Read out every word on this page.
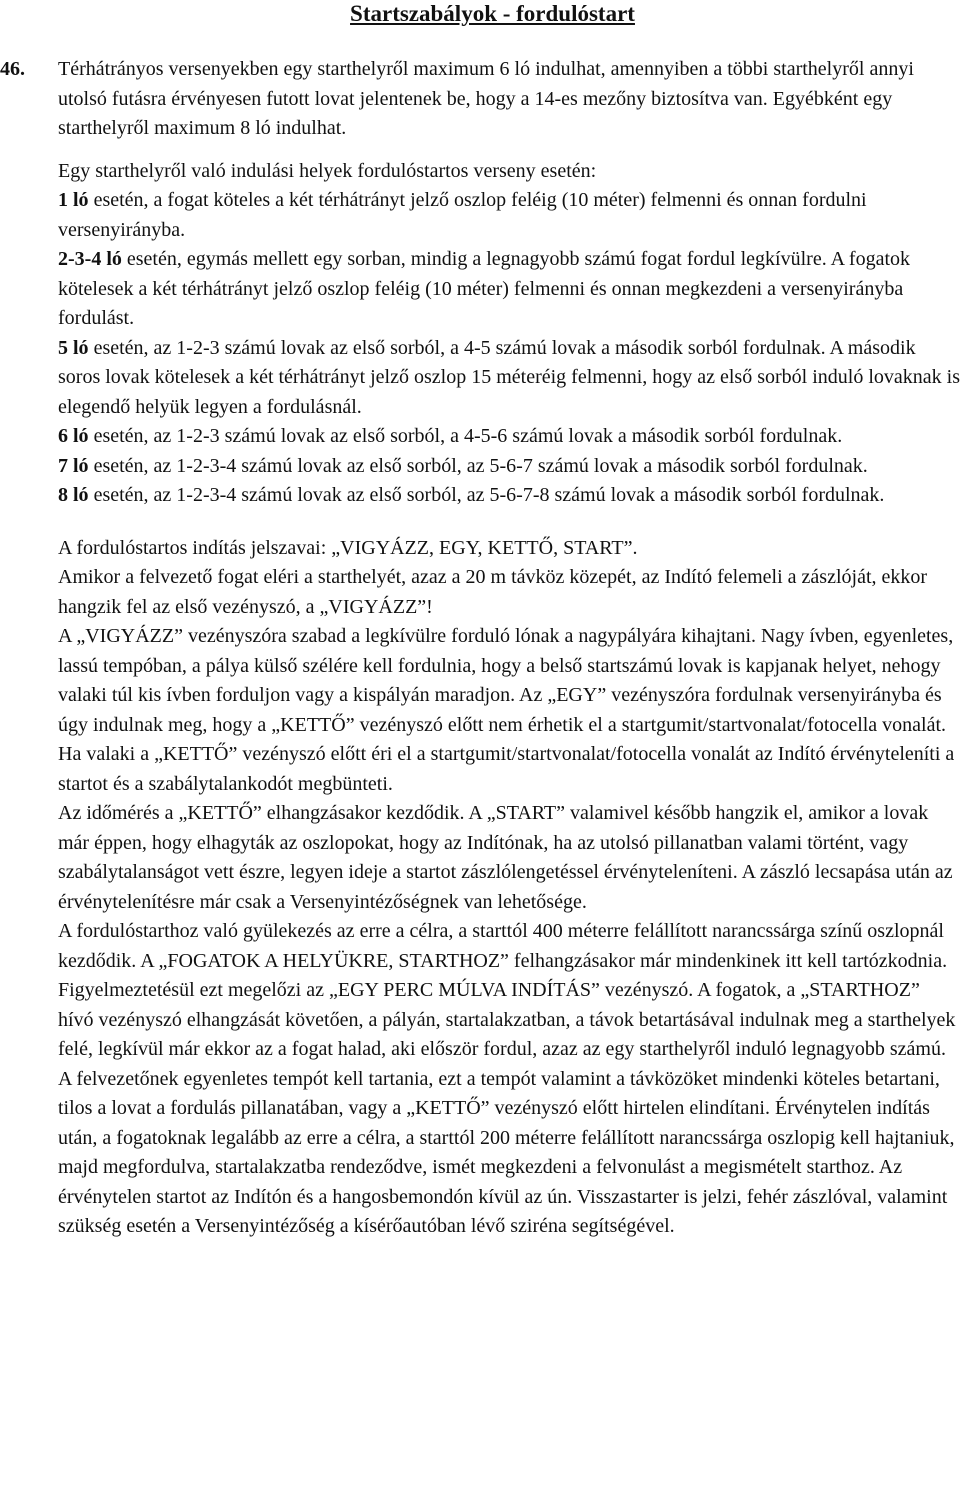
Startszabályok - fordulóstart

46. Térhátrányos versenyekben egy starthelyről maximum 6 ló indulhat, amennyiben a többi starthelyről annyi utolsó futásra érvényesen futott lovat jelentenek be, hogy a 14-es mezőny biztosítva van. Egyébként egy starthelyről maximum 8 ló indulhat.

Egy starthelyről való indulási helyek fordulóstartos verseny esetén:

1 ló esetén, a fogat köteles a két térhátrányt jelző oszlop feléig (10 méter) felmenni és onnan fordulni versenyirányba.

2-3-4 ló esetén, egymás mellett egy sorban, mindig a legnagyobb számú fogat fordul legkívülre. A fogatok kötelesek a két térhátrányt jelző oszlop feléig (10 méter) felmenni és onnan megkezdeni a versenyirányba fordulást.

5 ló esetén, az 1-2-3 számú lovak az első sorból, a 4-5 számú lovak a második sorból fordulnak. A második soros lovak kötelesek a két térhátrányt jelző oszlop 15 méteréig felmenni, hogy az első sorból induló lovaknak is elegendő helyük legyen a fordulásnál.

6 ló esetén, az 1-2-3 számú lovak az első sorból, a 4-5-6 számú lovak a második sorból fordulnak.

7 ló esetén, az 1-2-3-4 számú lovak az első sorból, az 5-6-7 számú lovak a második sorból fordulnak.

8 ló esetén, az 1-2-3-4 számú lovak az első sorból, az 5-6-7-8 számú lovak a második sorból fordulnak.

A fordulóstartos indítás jelszavai: „VIGYÁZZ, EGY, KETTŐ, START”.

Amikor a felvezető fogat eléri a starthelyét, azaz a 20 m távköz közepét, az Indító felemeli a zászlóját, ekkor hangzik fel az első vezényszó, a „VIGYÁZZ”!

A „VIGYÁZZ” vezényszóra szabad a legkívülre forduló lónak a nagypályára kihajtani. Nagy ívben, egyenletes, lassú tempóban, a pálya külső szélére kell fordulnia, hogy a belső startszámú lovak is kapjanak helyet, nehogy valaki túl kis ívben forduljon vagy a kispályán maradjon. Az „EGY” vezényszóra fordulnak versenyirányba és úgy indulnak meg, hogy a „KETTŐ” vezényszó előtt nem érhetik el a startgumit/startvonalat/fotocella vonalát. Ha valaki a „KETTŐ” vezényszó előtt éri el a startgumit/startvonalat/fotocella vonalát az Indító érvényteleníti a startot és a szabálytalankodót megbünteti.

Az időmérés a „KETTŐ” elhangzásakor kezdődik. A „START” valamivel később hangzik el, amikor a lovak már éppen, hogy elhagyták az oszlopokat, hogy az Indítónak, ha az utolsó pillanatban valami történt, vagy szabálytalanságot vett észre, legyen ideje a startot zászlólengetéssel érvényteleníteni. A zászló lecsapása után az érvénytelenítésre már csak a Versenyintézőségnek van lehetősége.

A fordulóstarthoz való gyülekezés az erre a célra, a starttól 400 méterre felállított narancssárga színű oszlopnál kezdődik. A „FOGATOK A HELYÜKRE, STARTHOZ” felhangzásakor már mindenkinek itt kell tartózkodnia. Figyelmeztetésül ezt megelőzi az „EGY PERC MÚLVA INDÍTÁS” vezényszó. A fogatok, a „STARTHOZ” hívó vezényszó elhangzását követően, a pályán, startalakzatban, a távok betartásával indulnak meg a starthelyek felé, legkívül már ekkor az a fogat halad, aki először fordul, azaz az egy starthelyről induló legnagyobb számú.

A felvezetőnek egyenletes tempót kell tartania, ezt a tempót valamint a távközöket mindenki köteles betartani, tilos a lovat a fordulás pillanatában, vagy a „KETTŐ” vezényszó előtt hirtelen elindítani. Érvénytelen indítás után, a fogatoknak legalább az erre a célra, a starttól 200 méterre felállított narancssárga oszlopig kell hajtaniuk, majd megfordulva, startalakzatba rendeződve, ismét megkezdeni a felvonulást a megismételt starthoz. Az érvénytelen startot az Indítón és a hangosbemondón kívül az ún. Visszastarter is jelzi, fehér zászlóval, valamint szükség esetén a Versenyintézőség a kísérőautóban lévő sziréna segítségével.
